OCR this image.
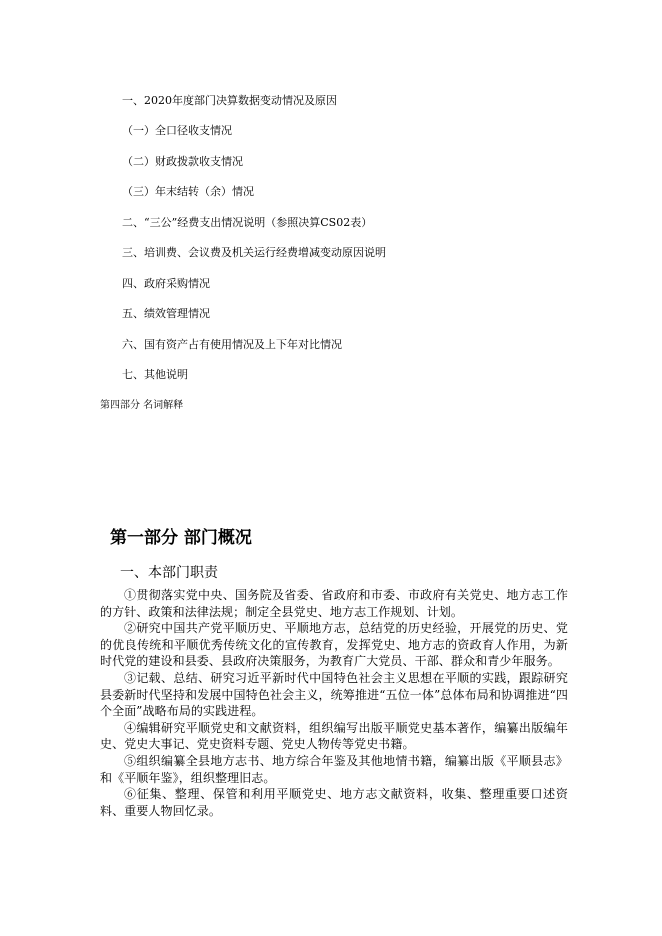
一、2020年度部门决算数据变动情况及原因
（一）全口径收支情况
（二）财政拨款收支情况
（三）年末结转（余）情况
二、“三公”经费支出情况说明（参照决算CS02表）
三、培训费、会议费及机关运行经费增减变动原因说明
四、政府采购情况
五、绩效管理情况
六、国有资产占有使用情况及上下年对比情况
七、其他说明
第四部分 名词解释
第一部分 部门概况
一、本部门职责

①贯彻落实党中央、国务院及省委、省政府和市委、市政府有关党史、地方志工作的方针、政策和法律法规；制定全县党史、地方志工作规划、计划。

②研究中国共产党平顺历史、平顺地方志，总结党的历史经验，开展党的历史、党的优良传统和平顺优秀传统文化的宣传教育，发挥党史、地方志的资政育人作用，为新时代党的建设和县委、县政府决策服务，为教育广大党员、干部、群众和青少年服务。

③记载、总结、研究习近平新时代中国特色社会主义思想在平顺的实践，跟踪研究县委新时代坚持和发展中国特色社会主义，统筹推进“五位一体”总体布局和协调推进“四个全面”战略布局的实践进程。

④编辑研究平顺党史和文献资料，组织编写出版平顺党史基本著作，编纂出版编年史、党史大事记、党史资料专题、党史人物传等党史书籍。

⑤组织编纂全县地方志书、地方综合年鉴及其他地情书籍，编纂出版《平顺县志》和《平顺年鉴》，组织整理旧志。

⑥征集、整理、保管和利用平顺党史、地方志文献资料，收集、整理重要口述资料、重要人物回忆录。
